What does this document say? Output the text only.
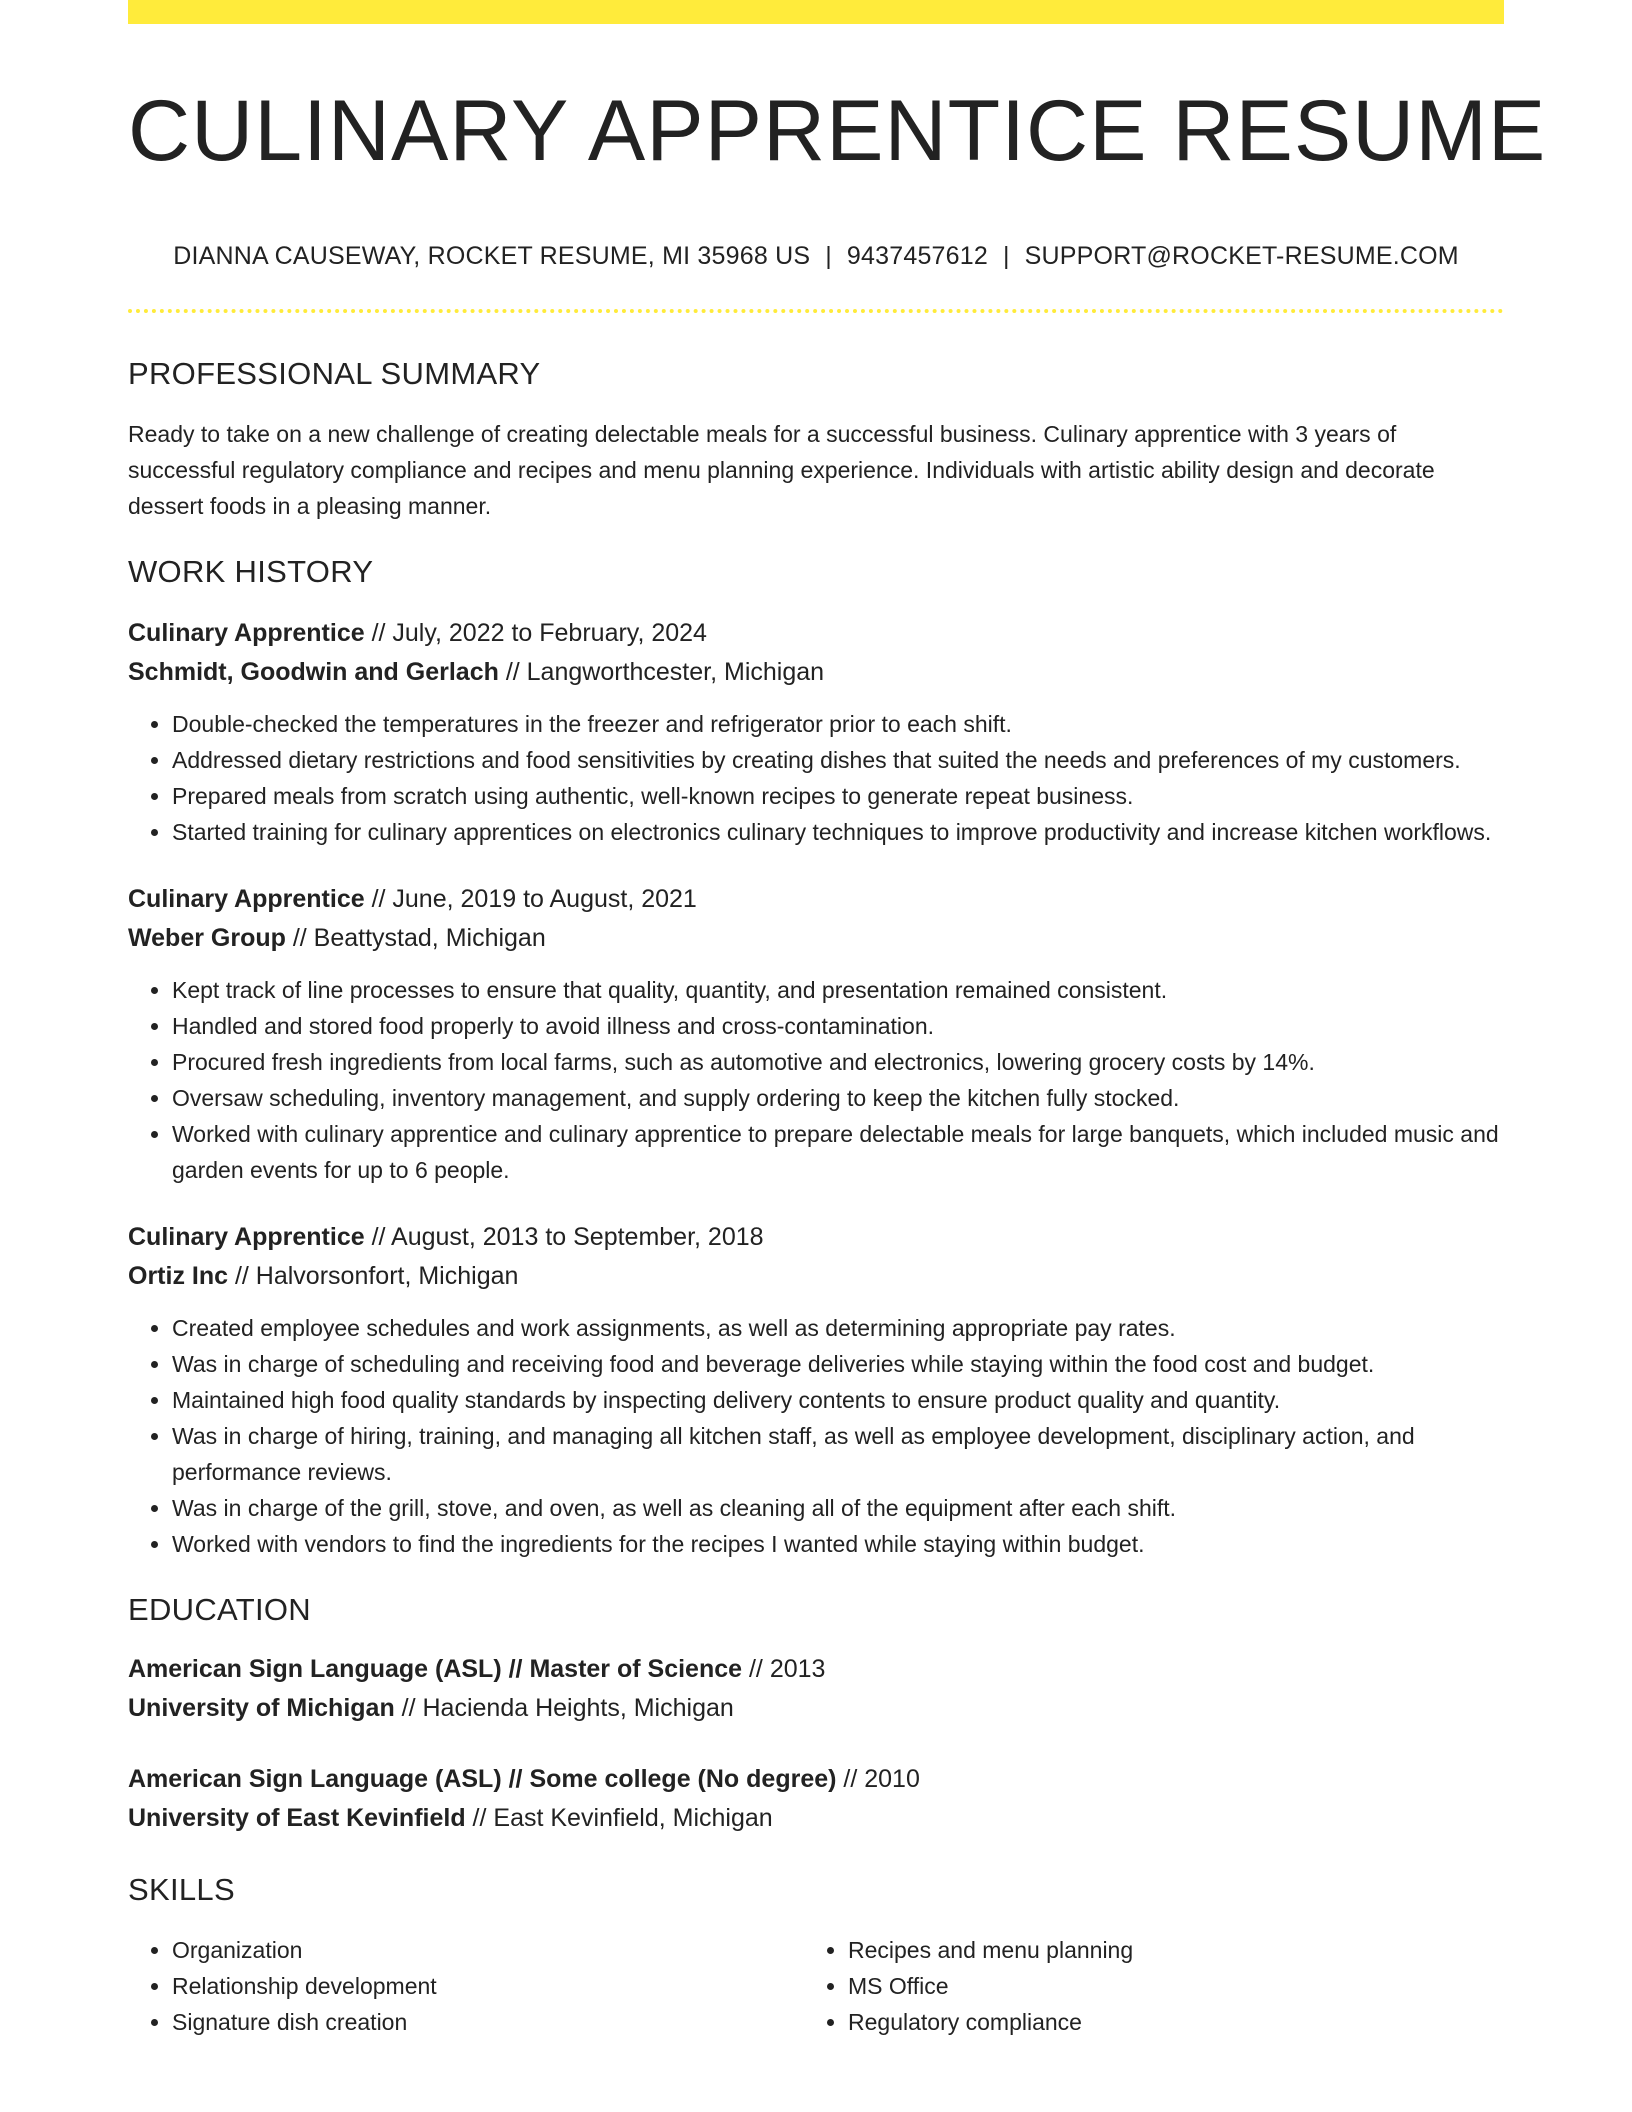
CULINARY APPRENTICE RESUME
DIANNA CAUSEWAY, ROCKET RESUME, MI 35968 US | 9437457612 | SUPPORT@ROCKET-RESUME.COM
PROFESSIONAL SUMMARY
Ready to take on a new challenge of creating delectable meals for a successful business. Culinary apprentice with 3 years of successful regulatory compliance and recipes and menu planning experience. Individuals with artistic ability design and decorate dessert foods in a pleasing manner.
WORK HISTORY
Culinary Apprentice // July, 2022 to February, 2024
Schmidt, Goodwin and Gerlach // Langworthcester, Michigan
• Double-checked the temperatures in the freezer and refrigerator prior to each shift.
• Addressed dietary restrictions and food sensitivities by creating dishes that suited the needs and preferences of my customers.
• Prepared meals from scratch using authentic, well-known recipes to generate repeat business.
• Started training for culinary apprentices on electronics culinary techniques to improve productivity and increase kitchen workflows.
Culinary Apprentice // June, 2019 to August, 2021
Weber Group // Beattystad, Michigan
• Kept track of line processes to ensure that quality, quantity, and presentation remained consistent.
• Handled and stored food properly to avoid illness and cross-contamination.
• Procured fresh ingredients from local farms, such as automotive and electronics, lowering grocery costs by 14%.
• Oversaw scheduling, inventory management, and supply ordering to keep the kitchen fully stocked.
• Worked with culinary apprentice and culinary apprentice to prepare delectable meals for large banquets, which included music and garden events for up to 6 people.
Culinary Apprentice // August, 2013 to September, 2018
Ortiz Inc // Halvorsonfort, Michigan
• Created employee schedules and work assignments, as well as determining appropriate pay rates.
• Was in charge of scheduling and receiving food and beverage deliveries while staying within the food cost and budget.
• Maintained high food quality standards by inspecting delivery contents to ensure product quality and quantity.
• Was in charge of hiring, training, and managing all kitchen staff, as well as employee development, disciplinary action, and performance reviews.
• Was in charge of the grill, stove, and oven, as well as cleaning all of the equipment after each shift.
• Worked with vendors to find the ingredients for the recipes I wanted while staying within budget.
EDUCATION
American Sign Language (ASL) // Master of Science // 2013
University of Michigan // Hacienda Heights, Michigan
American Sign Language (ASL) // Some college (No degree) // 2010
University of East Kevinfield // East Kevinfield, Michigan
SKILLS
• Organization
• Relationship development
• Signature dish creation
• Recipes and menu planning
• MS Office
• Regulatory compliance
